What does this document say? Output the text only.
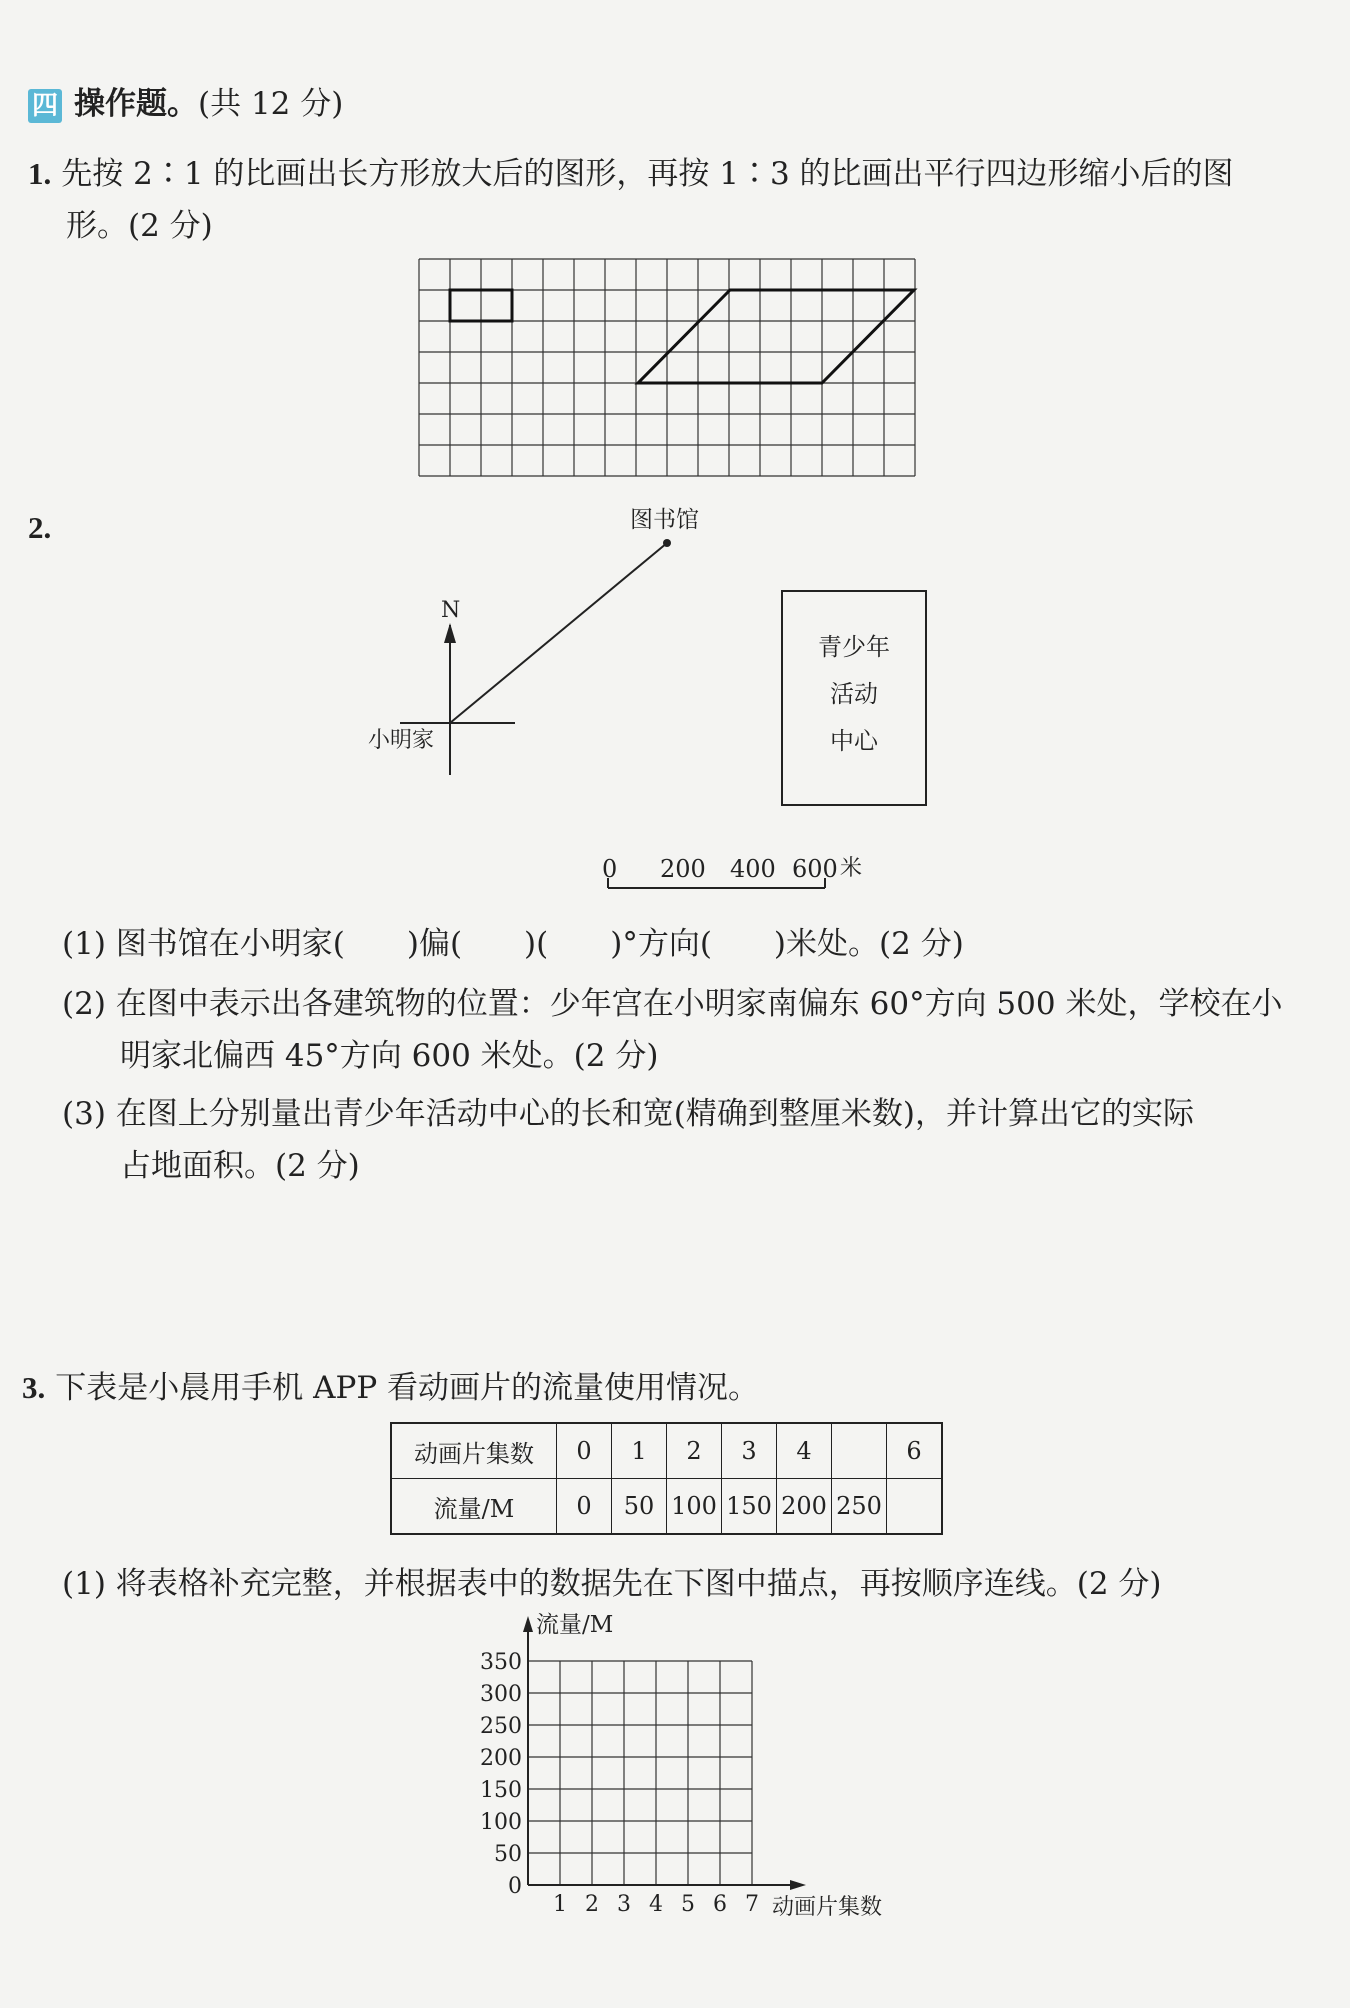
四 操作题。(共 12 分)
1. 先按 2∶1 的比画出长方形放大后的图形，再按 1∶3 的比画出平行四边形缩小后的图
形。(2 分)
2.	图书馆
N
小明家
青少年
活动
中心
0 200 400 600 米
(1) 图书馆在小明家(　　)偏(　　)(　　)°方向(　　)米处。(2 分)
(2) 在图中表示出各建筑物的位置：少年宫在小明家南偏东 60°方向 500 米处，学校在小
明家北偏西 45°方向 600 米处。(2 分)
(3) 在图上分别量出青少年活动中心的长和宽(精确到整厘米数)，并计算出它的实际
占地面积。(2 分)
3. 下表是小晨用手机 APP 看动画片的流量使用情况。
动画片集数	0	1	2	3	4		6
流量/M	0	50	100	150	200	250	
(1) 将表格补充完整，并根据表中的数据先在下图中描点，再按顺序连线。(2 分)
流量/M
动画片集数
350
300
250
200
150
100
50
0
1 2 3 4 5 6 7
